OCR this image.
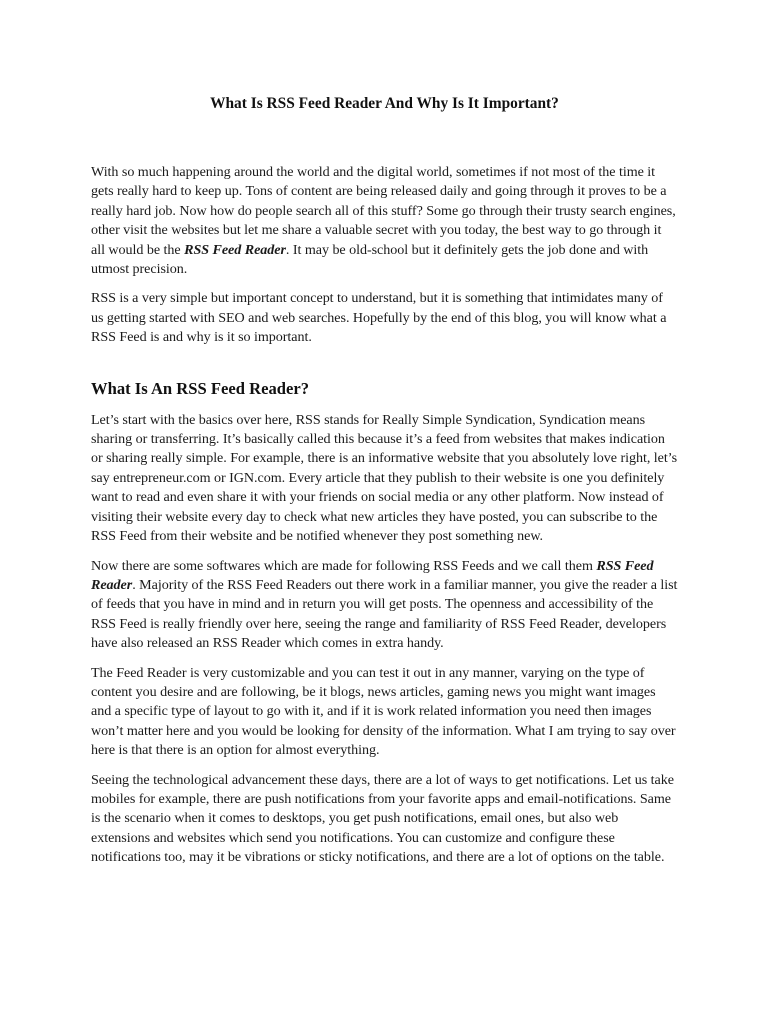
What Is RSS Feed Reader And Why Is It Important?

With so much happening around the world and the digital world, sometimes if not most of the time it gets really hard to keep up. Tons of content are being released daily and going through it proves to be a really hard job. Now how do people search all of this stuff? Some go through their trusty search engines, other visit the websites but let me share a valuable secret with you today, the best way to go through it all would be the RSS Feed Reader. It may be old-school but it definitely gets the job done and with utmost precision.

RSS is a very simple but important concept to understand, but it is something that intimidates many of us getting started with SEO and web searches. Hopefully by the end of this blog, you will know what a RSS Feed is and why is it so important.

What Is An RSS Feed Reader?

Let’s start with the basics over here, RSS stands for Really Simple Syndication, Syndication means sharing or transferring. It’s basically called this because it’s a feed from websites that makes indication or sharing really simple. For example, there is an informative website that you absolutely love right, let’s say entrepreneur.com or IGN.com. Every article that they publish to their website is one you definitely want to read and even share it with your friends on social media or any other platform. Now instead of visiting their website every day to check what new articles they have posted, you can subscribe to the RSS Feed from their website and be notified whenever they post something new.

Now there are some softwares which are made for following RSS Feeds and we call them RSS Feed Reader. Majority of the RSS Feed Readers out there work in a familiar manner, you give the reader a list of feeds that you have in mind and in return you will get posts. The openness and accessibility of the RSS Feed is really friendly over here, seeing the range and familiarity of RSS Feed Reader, developers have also released an RSS Reader which comes in extra handy.

The Feed Reader is very customizable and you can test it out in any manner, varying on the type of content you desire and are following, be it blogs, news articles, gaming news you might want images and a specific type of layout to go with it, and if it is work related information you need then images won’t matter here and you would be looking for density of the information. What I am trying to say over here is that there is an option for almost everything.

Seeing the technological advancement these days, there are a lot of ways to get notifications. Let us take mobiles for example, there are push notifications from your favorite apps and email-notifications. Same is the scenario when it comes to desktops, you get push notifications, email ones, but also web extensions and websites which send you notifications. You can customize and configure these notifications too, may it be vibrations or sticky notifications, and there are a lot of options on the table.
